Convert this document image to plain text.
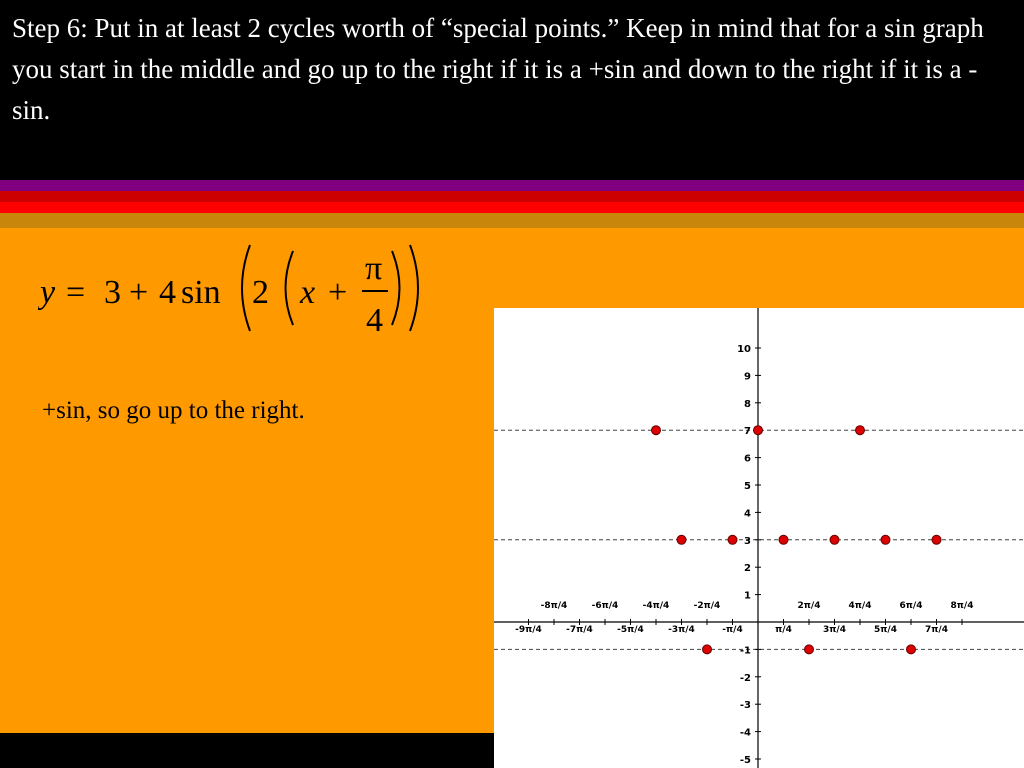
Step 6: Put in at least 2 cycles worth of “special points.” Keep in mind that for a sin graph you start in the middle and go up to the right if it is a +sin and down to the right if it is a -sin.

y = 3 + 4 sin 2 x +
π
4
+sin, so go up to the right.
-5
-4
-3
-2
-1
1
2
3
4
5
6
7
8
9
10
-9π/4
-8π/4
-7π/4
-6π/4
-5π/4
-4π/4
-3π/4
-2π/4
-π/4	π/4
2π/4
3π/4
4π/4
5π/4
6π/4
7π/4
8π/4
